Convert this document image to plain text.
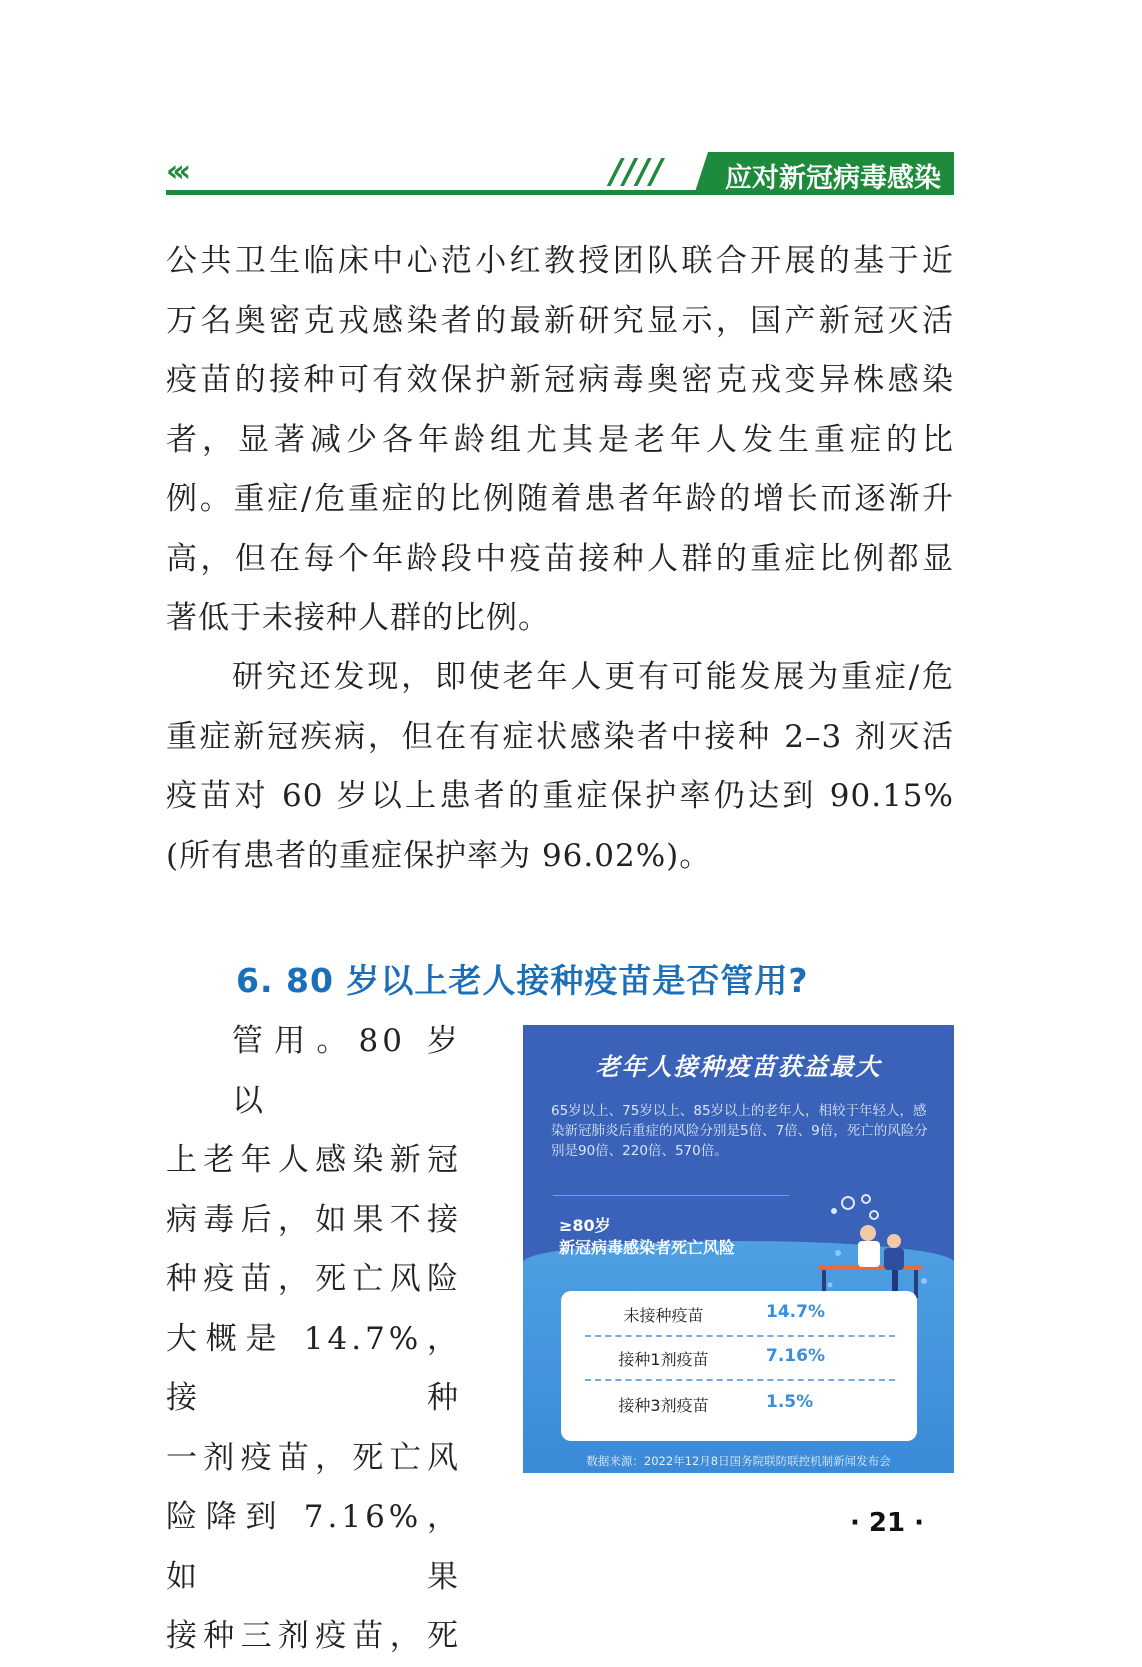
‹‹‹	////	应对新冠病毒感染个人防疫手册
公共卫生临床中心范小红教授团队联合开展的基于近
万名奥密克戎感染者的最新研究显示，国产新冠灭活
疫苗的接种可有效保护新冠病毒奥密克戎变异株感染
者，显著减少各年龄组尤其是老年人发生重症的比
例。重症/危重症的比例随着患者年龄的增长而逐渐升
高，但在每个年龄段中疫苗接种人群的重症比例都显
著低于未接种人群的比例。
研究还发现，即使老年人更有可能发展为重症/危
重症新冠疾病，但在有症状感染者中接种 2–3 剂灭活
疫苗对 60 岁以上患者的重症保护率仍达到 90.15%
(所有患者的重症保护率为 96.02%)。
6. 80 岁以上老人接种疫苗是否管用?
管用。80 岁以
上老年人感染新冠
病毒后，如果不接
种疫苗，死亡风险
大概是 14.7%，接种
一剂疫苗，死亡风
险降到 7.16%，如果
接种三剂疫苗，死
老年人接种疫苗获益最大
65岁以上、75岁以上、85岁以上的老年人，相较于年轻人，感染新冠肺炎后重症的风险分别是5倍、7倍、9倍，死亡的风险分别是90倍、220倍、570倍。
≥80岁
新冠病毒感染者死亡风险
未接种疫苗	14.7%
接种1剂疫苗	7.16%
接种3剂疫苗	1.5%
数据来源：2022年12月8日国务院联防联控机制新闻发布会
· 21 ·
